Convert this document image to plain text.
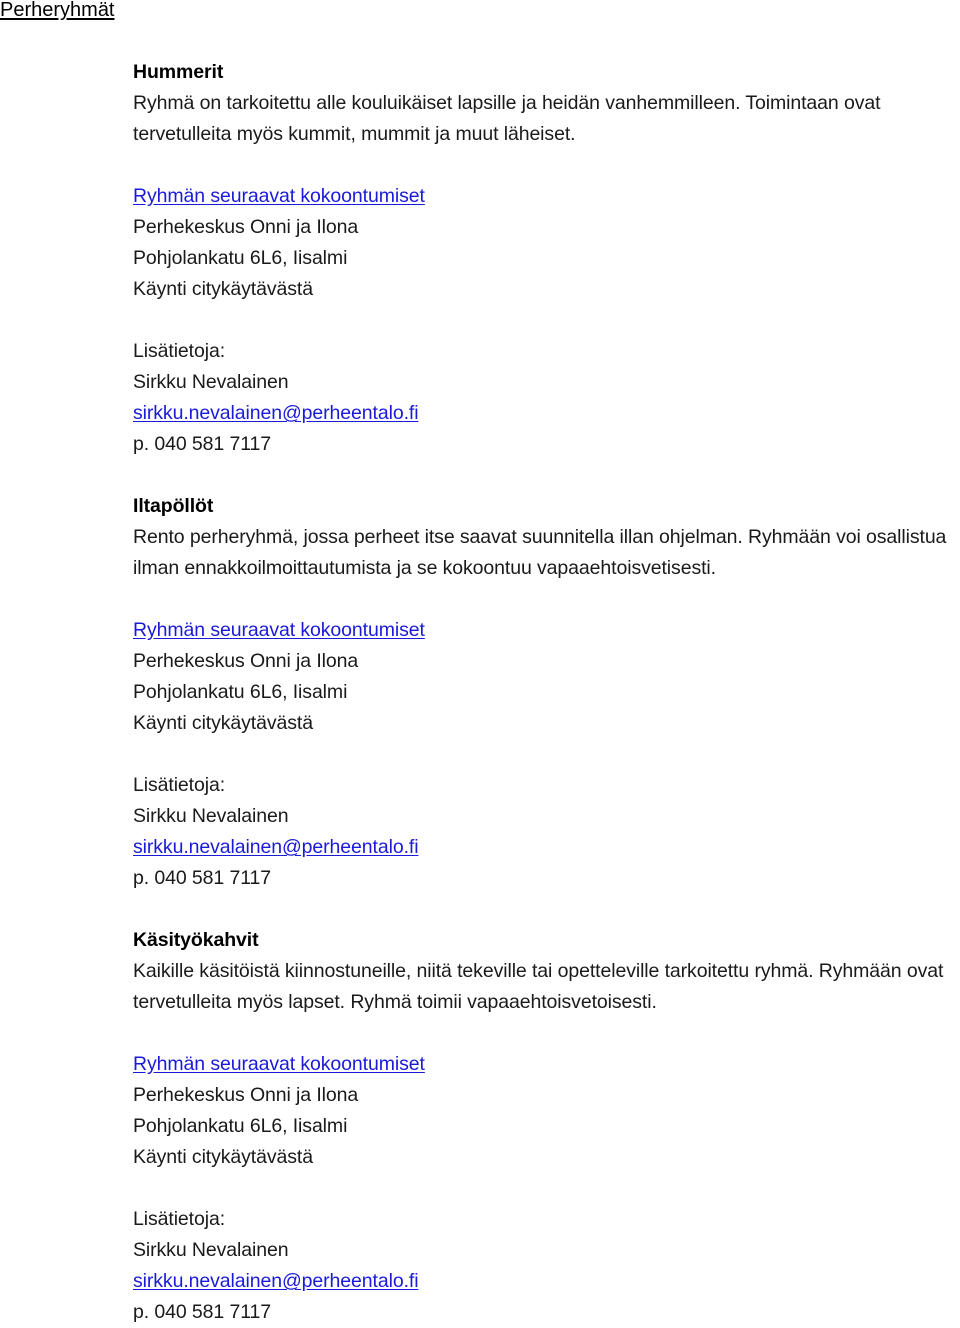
Perheryhmät
Hummerit
Ryhmä on tarkoitettu alle kouluikäiset lapsille ja heidän vanhemmilleen. Toimintaan ovat tervetulleita myös kummit, mummit ja muut läheiset.
Ryhmän seuraavat kokoontumiset
Perhekeskus Onni ja Ilona
Pohjolankatu 6L6, Iisalmi
Käynti citykäytävästä
Lisätietoja:
Sirkku Nevalainen
sirkku.nevalainen@perheentalo.fi
p. 040 581 7117
Iltapöllöt
Rento perheryhmä, jossa perheet itse saavat suunnitella illan ohjelman. Ryhmään voi osallistua ilman ennakkoilmoittautumista ja se kokoontuu vapaaehtoisvetisesti.
Ryhmän seuraavat kokoontumiset
Perhekeskus Onni ja Ilona
Pohjolankatu 6L6, Iisalmi
Käynti citykäytävästä
Lisätietoja:
Sirkku Nevalainen
sirkku.nevalainen@perheentalo.fi
p. 040 581 7117
Käsityökahvit
Kaikille käsitöistä kiinnostuneille, niitä tekeville tai opetteleville tarkoitettu ryhmä. Ryhmään ovat tervetulleita myös lapset. Ryhmä toimii vapaaehtoisvetoisesti.
Ryhmän seuraavat kokoontumiset
Perhekeskus Onni ja Ilona
Pohjolankatu 6L6, Iisalmi
Käynti citykäytävästä
Lisätietoja:
Sirkku Nevalainen
sirkku.nevalainen@perheentalo.fi
p. 040 581 7117
